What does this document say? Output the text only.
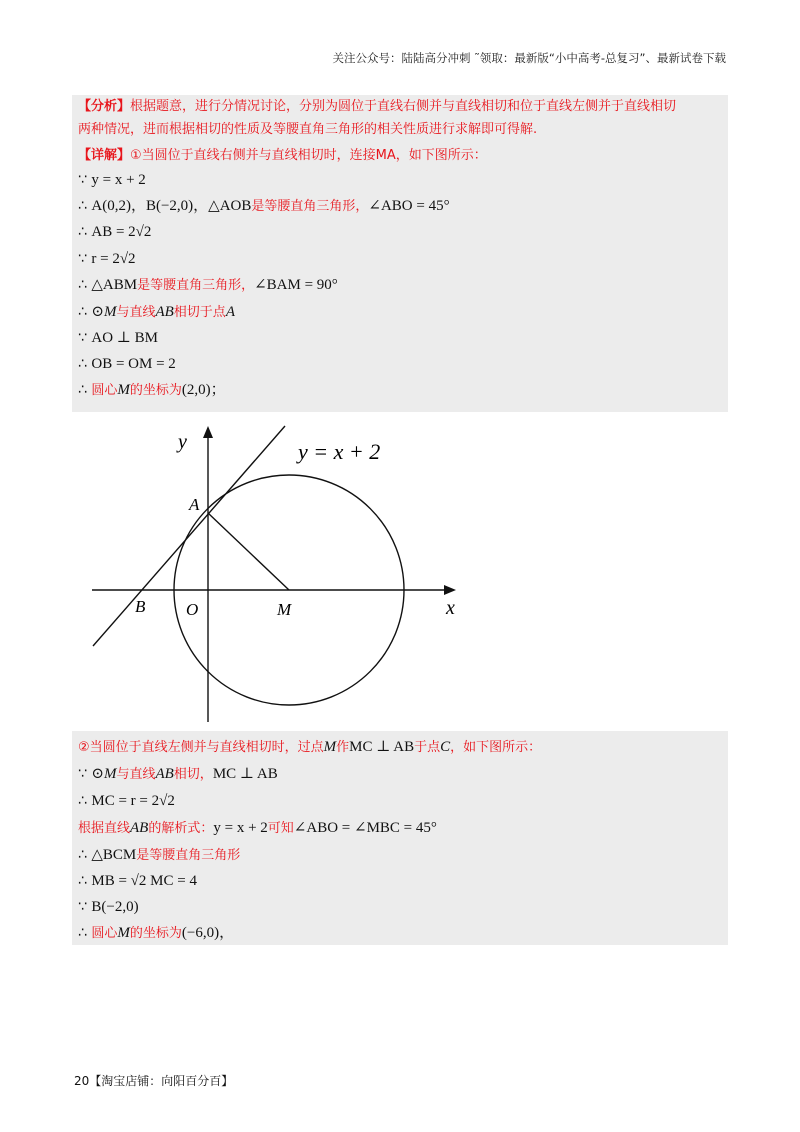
关注公众号：陆陆高分冲刺 ˜领取：最新版“小中高考-总复习”、最新试卷下载
【分析】根据题意，进行分情况讨论，分别为圆位于直线右侧并与直线相切和位于直线左侧并于直线相切
两种情况，进而根据相切的性质及等腰直角三角形的相关性质进行求解即可得解.
【详解】①当圆位于直线右侧并与直线相切时，连接MA，如下图所示：
∵ y = x + 2
∴ A(0,2)，B(−2,0)，△AOB是等腰直角三角形，∠ABO = 45°
∴ AB = 2√2
∵ r = 2√2
∴ △ABM是等腰直角三角形，∠BAM = 90°
∴ ⊙M与直线AB相切于点A
∵ AO ⊥ BM
∴ OB = OM = 2
∴ 圆心M的坐标为(2,0)；
y = x + 2
y
x
A
B O	M
②当圆位于直线左侧并与直线相切时，过点M作MC ⊥ AB于点C，如下图所示：
∵ ⊙M与直线AB相切，MC ⊥ AB
∴ MC = r = 2√2
根据直线AB的解析式：y = x + 2可知∠ABO = ∠MBC = 45°
∴ △BCM是等腰直角三角形
∴ MB = √2 MC = 4
∵ B(−2,0)
∴ 圆心M的坐标为(−6,0)，
20【淘宝店铺：向阳百分百】
